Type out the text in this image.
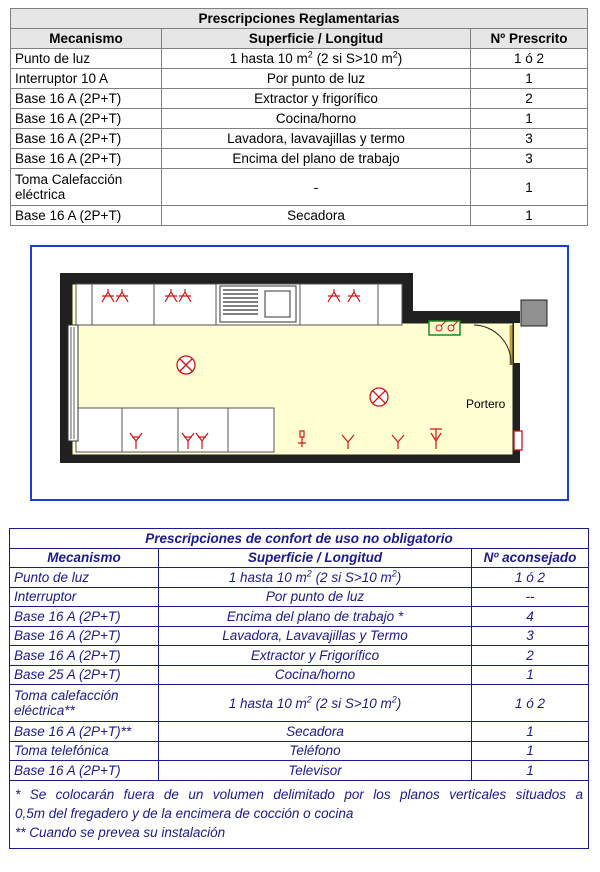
Prescripciones Reglamentarias		
Mecanismo	Superficie / Longitud	Nº Prescrito
Punto de luz	1 hasta 10 $m^2$ (2 si S>10 $m^2$)	1 ó 2
Interruptor 10 A	Por punto de luz	1
Base 16 A (2P+T)	Extractor y frigorífico	2
Base 16 A (2P+T)	Cocina/horno	1
Base 16 A (2P+T)	Lavadora, lavavajillas y termo	3
Base 16 A (2P+T)	Encima del plano de trabajo	3
Toma Calefacción
eléctrica	-	1
Base 16 A (2P+T)	Secadora	1
Portero
Prescripciones de confort de uso no obligatorio		
Mecanismo	Superficie / Longitud	Nº aconsejado
Punto de luz	1 hasta 10 $m^2$ (2 si S>10 $m^2$)	1 ó 2
Interruptor	Por punto de luz	--
Base 16 A (2P+T)	Encima del plano de trabajo *	4
Base 16 A (2P+T)	Lavadora, Lavavajillas y Termo	3
Base 16 A (2P+T)	Extractor y Frigorífico	2
Base 25 A (2P+T)	Cocina/horno	1
Toma calefacción
eléctrica**	1 hasta 10 $m^2$ (2 si S>10 $m^2$)	1 ó 2
Base 16 A (2P+T)**	Secadora	1
Toma telefónica	Teléfono	1
Base 16 A (2P+T)	Televisor	1

* Se colocarán fuera de un volumen delimitado por los planos verticales situados a
0,5m del fregadero y de la encimera de cocción o cocina
** Cuando se prevea su instalación		
